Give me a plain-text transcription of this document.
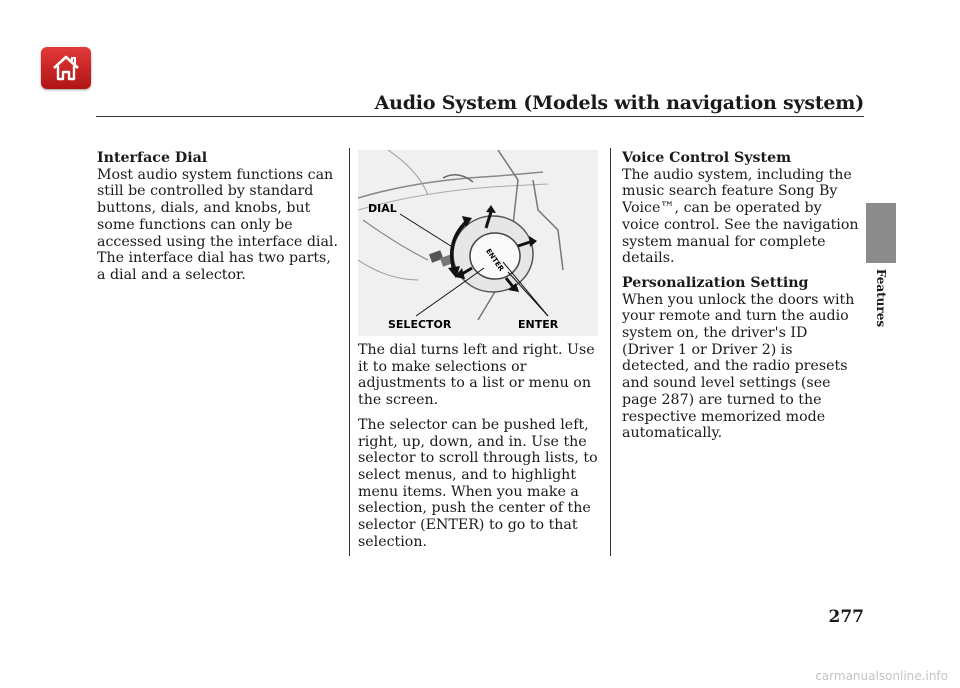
Audio System (Models with navigation system)
Features

Interface Dial
Most audio system functions can still be controlled by standard buttons, dials, and knobs, but some functions can only be accessed using the interface dial. The interface dial has two parts, a dial and a selector.

ENTER
DIAL
SELECTOR	ENTER

The dial turns left and right. Use it to make selections or adjustments to a list or menu on the screen.

The selector can be pushed left, right, up, down, and in. Use the selector to scroll through lists, to select menus, and to highlight menu items. When you make a selection, push the center of the selector (ENTER) to go to that selection.

Voice Control System
The audio system, including the music search feature Song By Voice™, can be operated by voice control. See the navigation system manual for complete details.

Personalization Setting
When you unlock the doors with your remote and turn the audio system on, the driver's ID (Driver 1 or Driver 2) is detected, and the radio presets and sound level settings (see page 287) are turned to the respective memorized mode automatically.

277
carmanualsonline.info
